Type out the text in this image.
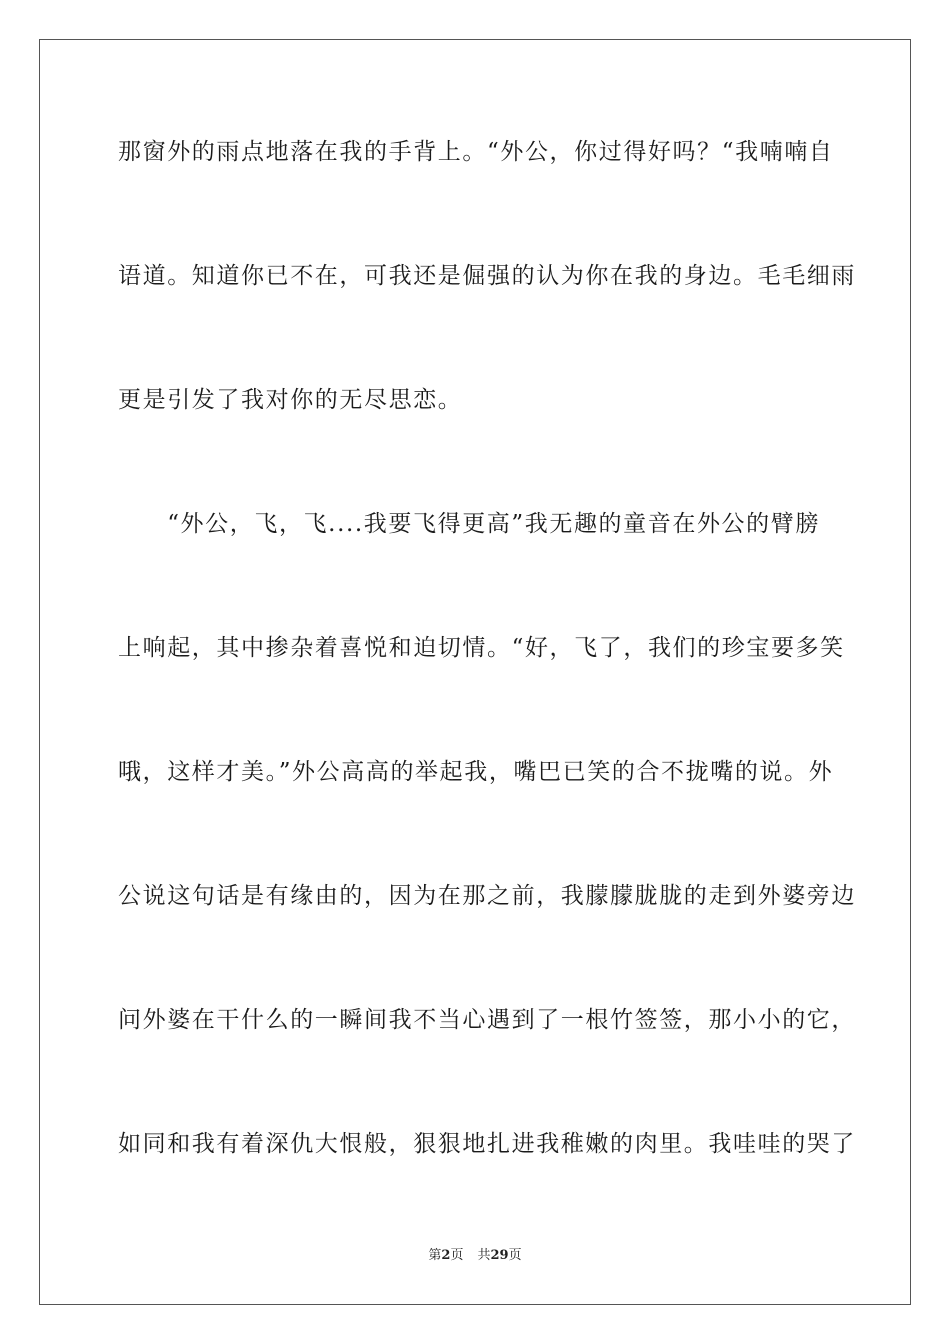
那窗外的雨点地落在我的手背上。“外公，你过得好吗？“我喃喃自
语道。知道你已不在，可我还是倔强的认为你在我的身边。毛毛细雨
更是引发了我对你的无尽思恋。
　　“外公，飞，飞....我要飞得更高”我无趣的童音在外公的臂膀
上响起，其中掺杂着喜悦和迫切情。“好，飞了，我们的珍宝要多笑
哦，这样才美。”外公高高的举起我，嘴巴已笑的合不拢嘴的说。外
公说这句话是有缘由的，因为在那之前，我朦朦胧胧的走到外婆旁边
问外婆在干什么的一瞬间我不当心遇到了一根竹签签，那小小的它，
如同和我有着深仇大恨般，狠狠地扎进我稚嫩的肉里。我哇哇的哭了
第2页 共29页
